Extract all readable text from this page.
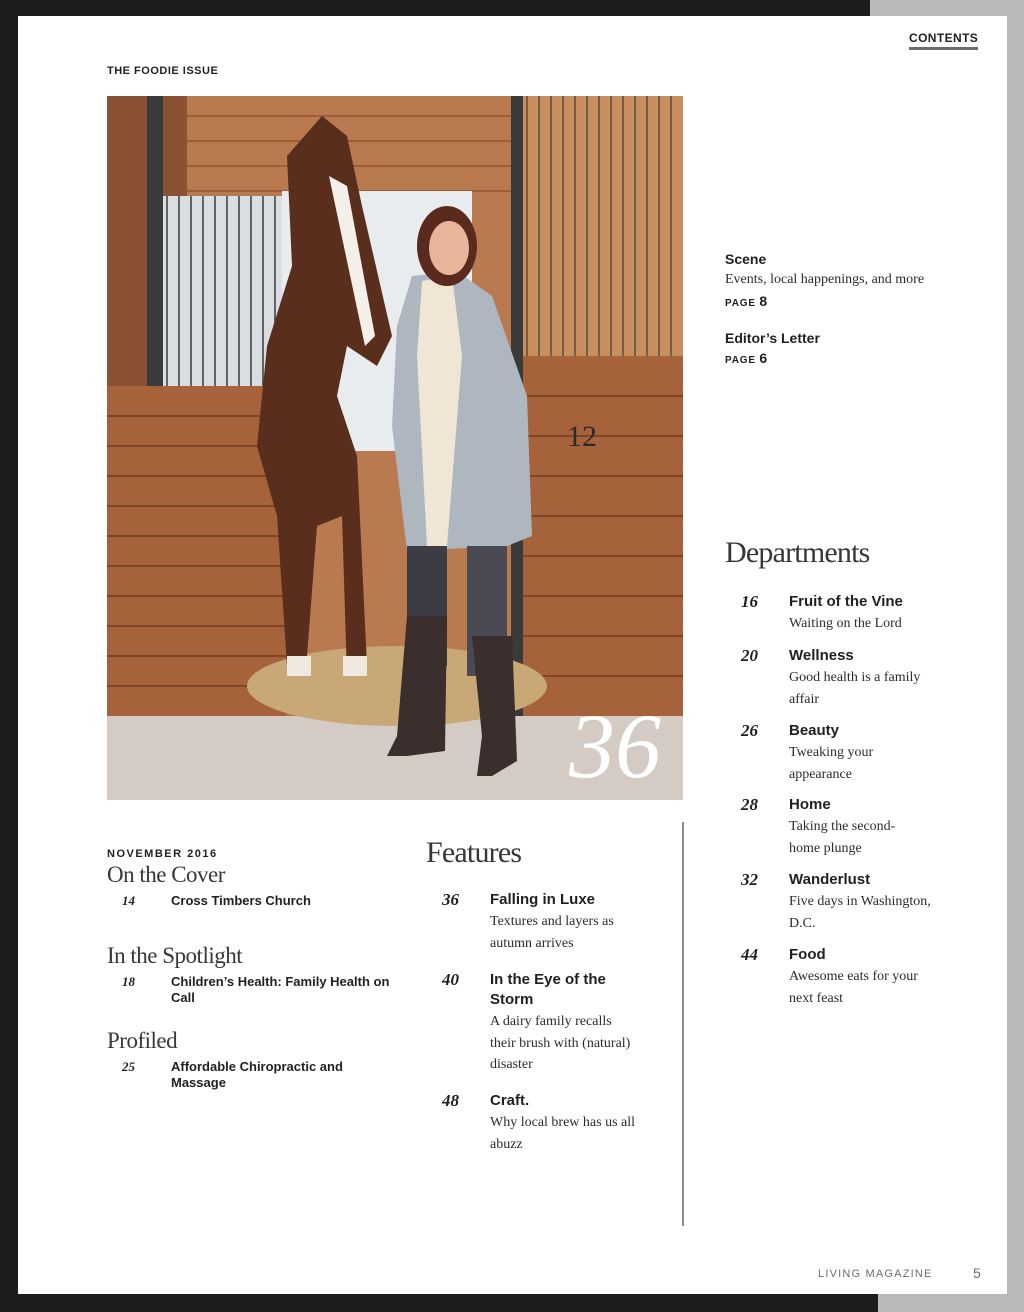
THE FOODIE ISSUE
CONTENTS
12
36
NOVEMBER 2016
On the Cover
14	Cross Timbers Church
In the Spotlight
18	Children’s Health: Family Health on Call
Profiled
25	Affordable Chiropractic and Massage
Features
36 Falling in Luxe
Textures and layers as autumn arrives
40 In the Eye of the Storm
A dairy family recalls their brush with (natural) disaster
48 Craft.
Why local brew has us all abuzz
Scene
Events, local happenings, and more
PAGE 8
Editor’s Letter
PAGE 6
Departments
16 Fruit of the Vine
Waiting on the Lord
20 Wellness
Good health is a family affair
26 Beauty
Tweaking your appearance
28 Home
Taking the second-home plunge
32 Wanderlust
Five days in Washington, D.C.
44 Food
Awesome eats for your next feast
LIVING MAGAZINE	5
